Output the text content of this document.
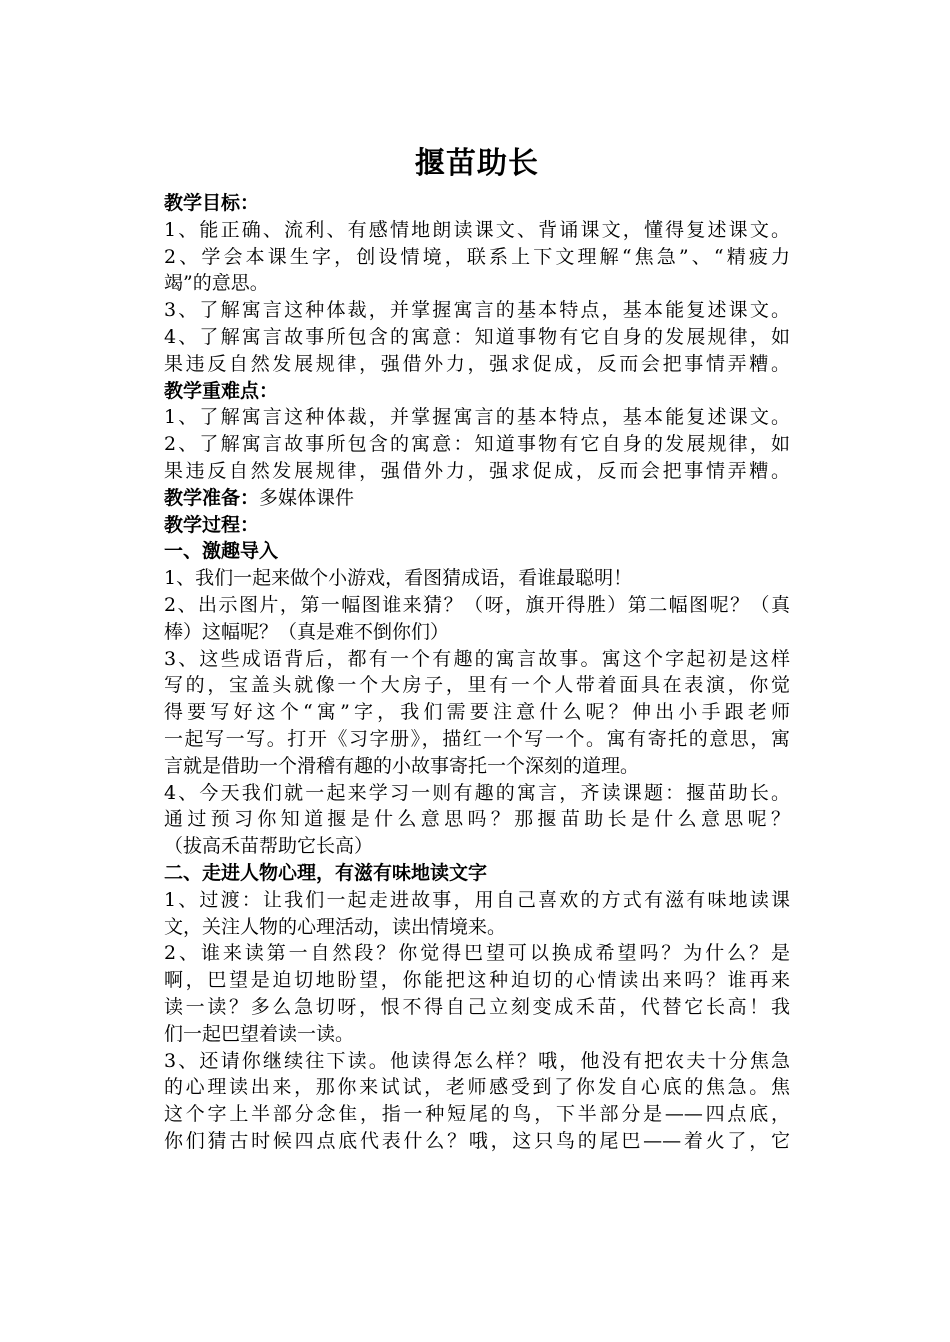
揠苗助长
教学目标：
1、能正确、流利、有感情地朗读课文、背诵课文，懂得复述课文。
2、学会本课生字，创设情境，联系上下文理解“焦急”、“精疲力
竭”的意思。
3、了解寓言这种体裁，并掌握寓言的基本特点，基本能复述课文。
4、了解寓言故事所包含的寓意：知道事物有它自身的发展规律，如
果违反自然发展规律，强借外力，强求促成，反而会把事情弄糟。
教学重难点：
1、了解寓言这种体裁，并掌握寓言的基本特点，基本能复述课文。
2、了解寓言故事所包含的寓意：知道事物有它自身的发展规律，如
果违反自然发展规律，强借外力，强求促成，反而会把事情弄糟。
教学准备：多媒体课件
教学过程：
一、激趣导入
1、我们一起来做个小游戏，看图猜成语，看谁最聪明！
2、出示图片，第一幅图谁来猜？（呀，旗开得胜）第二幅图呢？（真
棒）这幅呢？（真是难不倒你们）
3、这些成语背后，都有一个有趣的寓言故事。寓这个字起初是这样
写的，宝盖头就像一个大房子，里有一个人带着面具在表演，你觉
得要写好这个“寓”字，我们需要注意什么呢？伸出小手跟老师
一起写一写。打开《习字册》，描红一个写一个。寓有寄托的意思，寓
言就是借助一个滑稽有趣的小故事寄托一个深刻的道理。
4、今天我们就一起来学习一则有趣的寓言，齐读课题：揠苗助长。
通过预习你知道揠是什么意思吗？那揠苗助长是什么意思呢？
（拔高禾苗帮助它长高）
二、走进人物心理，有滋有味地读文字
1、过渡：让我们一起走进故事，用自己喜欢的方式有滋有味地读课
文，关注人物的心理活动，读出情境来。
2、谁来读第一自然段？你觉得巴望可以换成希望吗？为什么？是
啊，巴望是迫切地盼望，你能把这种迫切的心情读出来吗？谁再来
读一读？多么急切呀，恨不得自己立刻变成禾苗，代替它长高！我
们一起巴望着读一读。
3、还请你继续往下读。他读得怎么样？哦，他没有把农夫十分焦急
的心理读出来，那你来试试，老师感受到了你发自心底的焦急。焦
这个字上半部分念隹，指一种短尾的鸟，下半部分是——四点底，
你们猜古时候四点底代表什么？哦，这只鸟的尾巴——着火了，它
